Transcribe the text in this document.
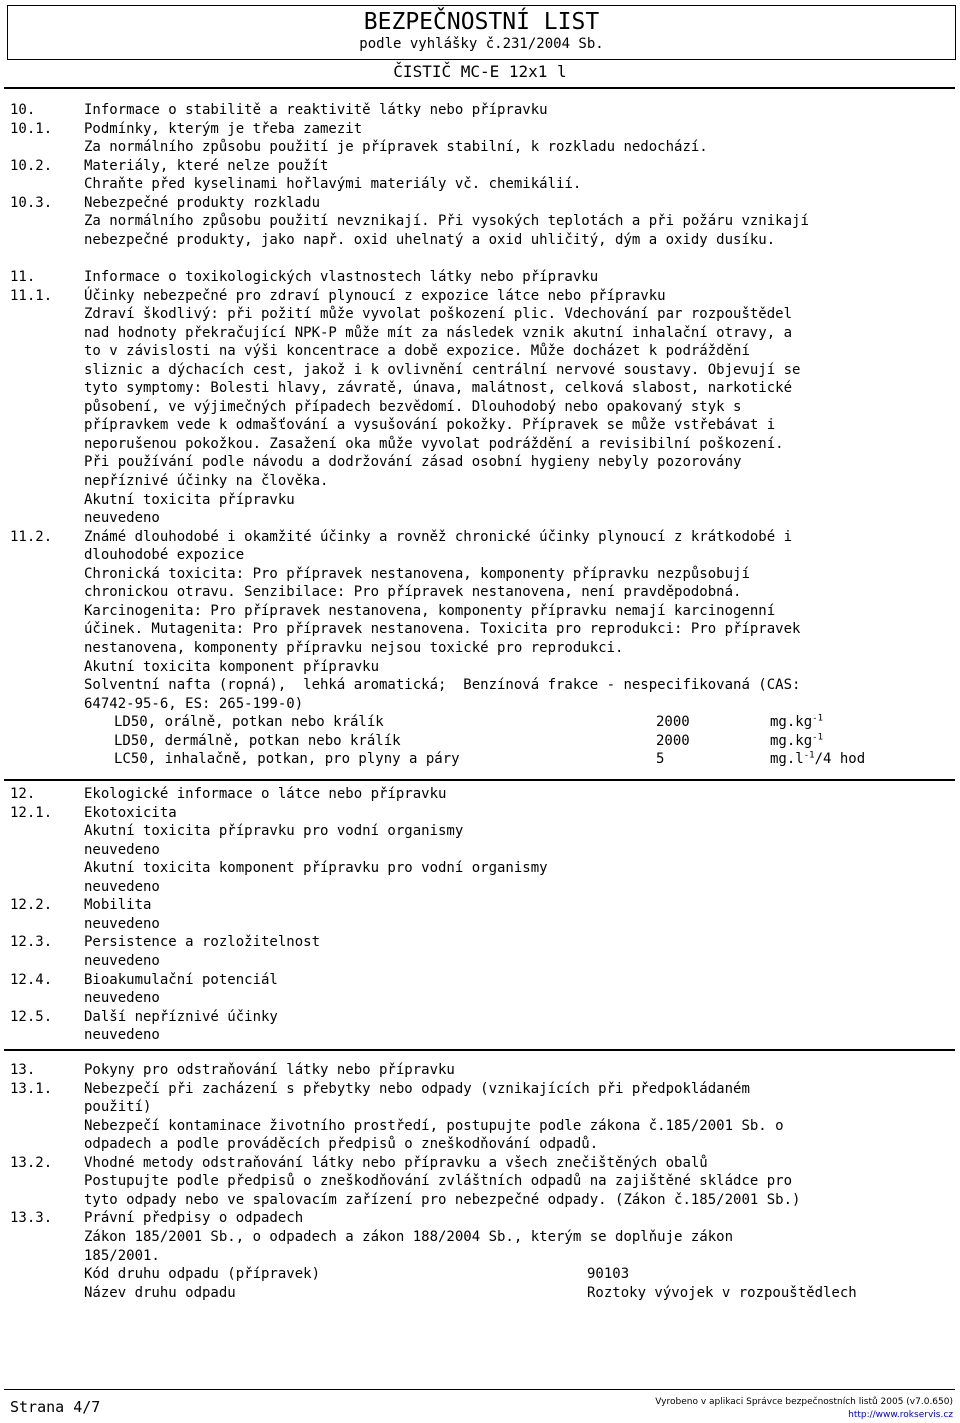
BEZPEČNOSTNÍ LIST
podle vyhlášky č.231/2004 Sb.
ČISTIČ MC-E 12x1 l
Strana 4/7	Vyrobeno v aplikaci Správce bezpečnostních listů 2005 (v7.0.650)
http://www.rokservis.cz
10.	Informace o stabilitě a reaktivitě látky nebo přípravku
10.1. Podmínky, kterým je třeba zamezit
Za normálního způsobu použití je přípravek stabilní, k rozkladu nedochází.
10.2. Materiály, které nelze použít
Chraňte před kyselinami hořlavými materiály vč. chemikálií.
10.3. Nebezpečné produkty rozkladu
Za normálního způsobu použití nevznikají. Při vysokých teplotách a při požáru vznikají
nebezpečné produkty, jako např. oxid uhelnatý a oxid uhličitý, dým a oxidy dusíku.
11.	Informace o toxikologických vlastnostech látky nebo přípravku
11.1. Účinky nebezpečné pro zdraví plynoucí z expozice látce nebo přípravku
Zdraví škodlivý: při požití může vyvolat poškození plic. Vdechování par rozpouštědel
nad hodnoty překračující NPK-P může mít za následek vznik akutní inhalační otravy, a
to v závislosti na výši koncentrace a době expozice. Může docházet k podráždění
sliznic a dýchacích cest, jakož i k ovlivnění centrální nervové soustavy. Objevují se
tyto symptomy: Bolesti hlavy, závratě, únava, malátnost, celková slabost, narkotické
působení, ve výjimečných případech bezvědomí. Dlouhodobý nebo opakovaný styk s
přípravkem vede k odmašťování a vysušování pokožky. Přípravek se může vstřebávat i
neporušenou pokožkou. Zasažení oka může vyvolat podráždění a revisibilní poškození.
Při používání podle návodu a dodržování zásad osobní hygieny nebyly pozorovány
nepříznivé účinky na člověka.
Akutní toxicita přípravku
neuvedeno
11.2. Známé dlouhodobé i okamžité účinky a rovněž chronické účinky plynoucí z krátkodobé i
dlouhodobé expozice
Chronická toxicita: Pro přípravek nestanovena, komponenty přípravku nezpůsobují
chronickou otravu. Senzibilace: Pro přípravek nestanovena, není pravděpodobná.
Karcinogenita: Pro přípravek nestanovena, komponenty přípravku nemají karcinogenní
účinek. Mutagenita: Pro přípravek nestanovena. Toxicita pro reprodukci: Pro přípravek
nestanovena, komponenty přípravku nejsou toxické pro reprodukci.
Akutní toxicita komponent přípravku
Solventní nafta (ropná),  lehká aromatická;  Benzínová frakce - nespecifikovaná (CAS:
64742-95-6, ES: 265-199-0)
LD50, orálně, potkan nebo králík	2000	$mg.kg^{-1}$
LD50, dermálně, potkan nebo králík	2000	$mg.kg^{-1}$
LC50, inhalačně, potkan, pro plyny a páry	5	$mg.l^{-1}/4$ hod
12.	Ekologické informace o látce nebo přípravku
12.1. Ekotoxicita
Akutní toxicita přípravku pro vodní organismy
neuvedeno
Akutní toxicita komponent přípravku pro vodní organismy
neuvedeno
12.2. Mobilita
neuvedeno
12.3. Persistence a rozložitelnost
neuvedeno
12.4. Bioakumulační potenciál
neuvedeno
12.5. Další nepříznivé účinky
neuvedeno
13.	Pokyny pro odstraňování látky nebo přípravku
13.1. Nebezpečí při zacházení s přebytky nebo odpady (vznikajících při předpokládaném
použití)
Nebezpečí kontaminace životního prostředí, postupujte podle zákona č.185/2001 Sb. o
odpadech a podle prováděcích předpisů o zneškodňování odpadů.
13.2. Vhodné metody odstraňování látky nebo přípravku a všech znečištěných obalů
Postupujte podle předpisů o zneškodňování zvláštních odpadů na zajištěné skládce pro
tyto odpady nebo ve spalovacím zařízení pro nebezpečné odpady. (Zákon č.185/2001 Sb.)
13.3. Právní předpisy o odpadech
Zákon 185/2001 Sb., o odpadech a zákon 188/2004 Sb., kterým se doplňuje zákon
185/2001.
Kód druhu odpadu (přípravek)	90103
Název druhu odpadu	Roztoky vývojek v rozpouštědlech
